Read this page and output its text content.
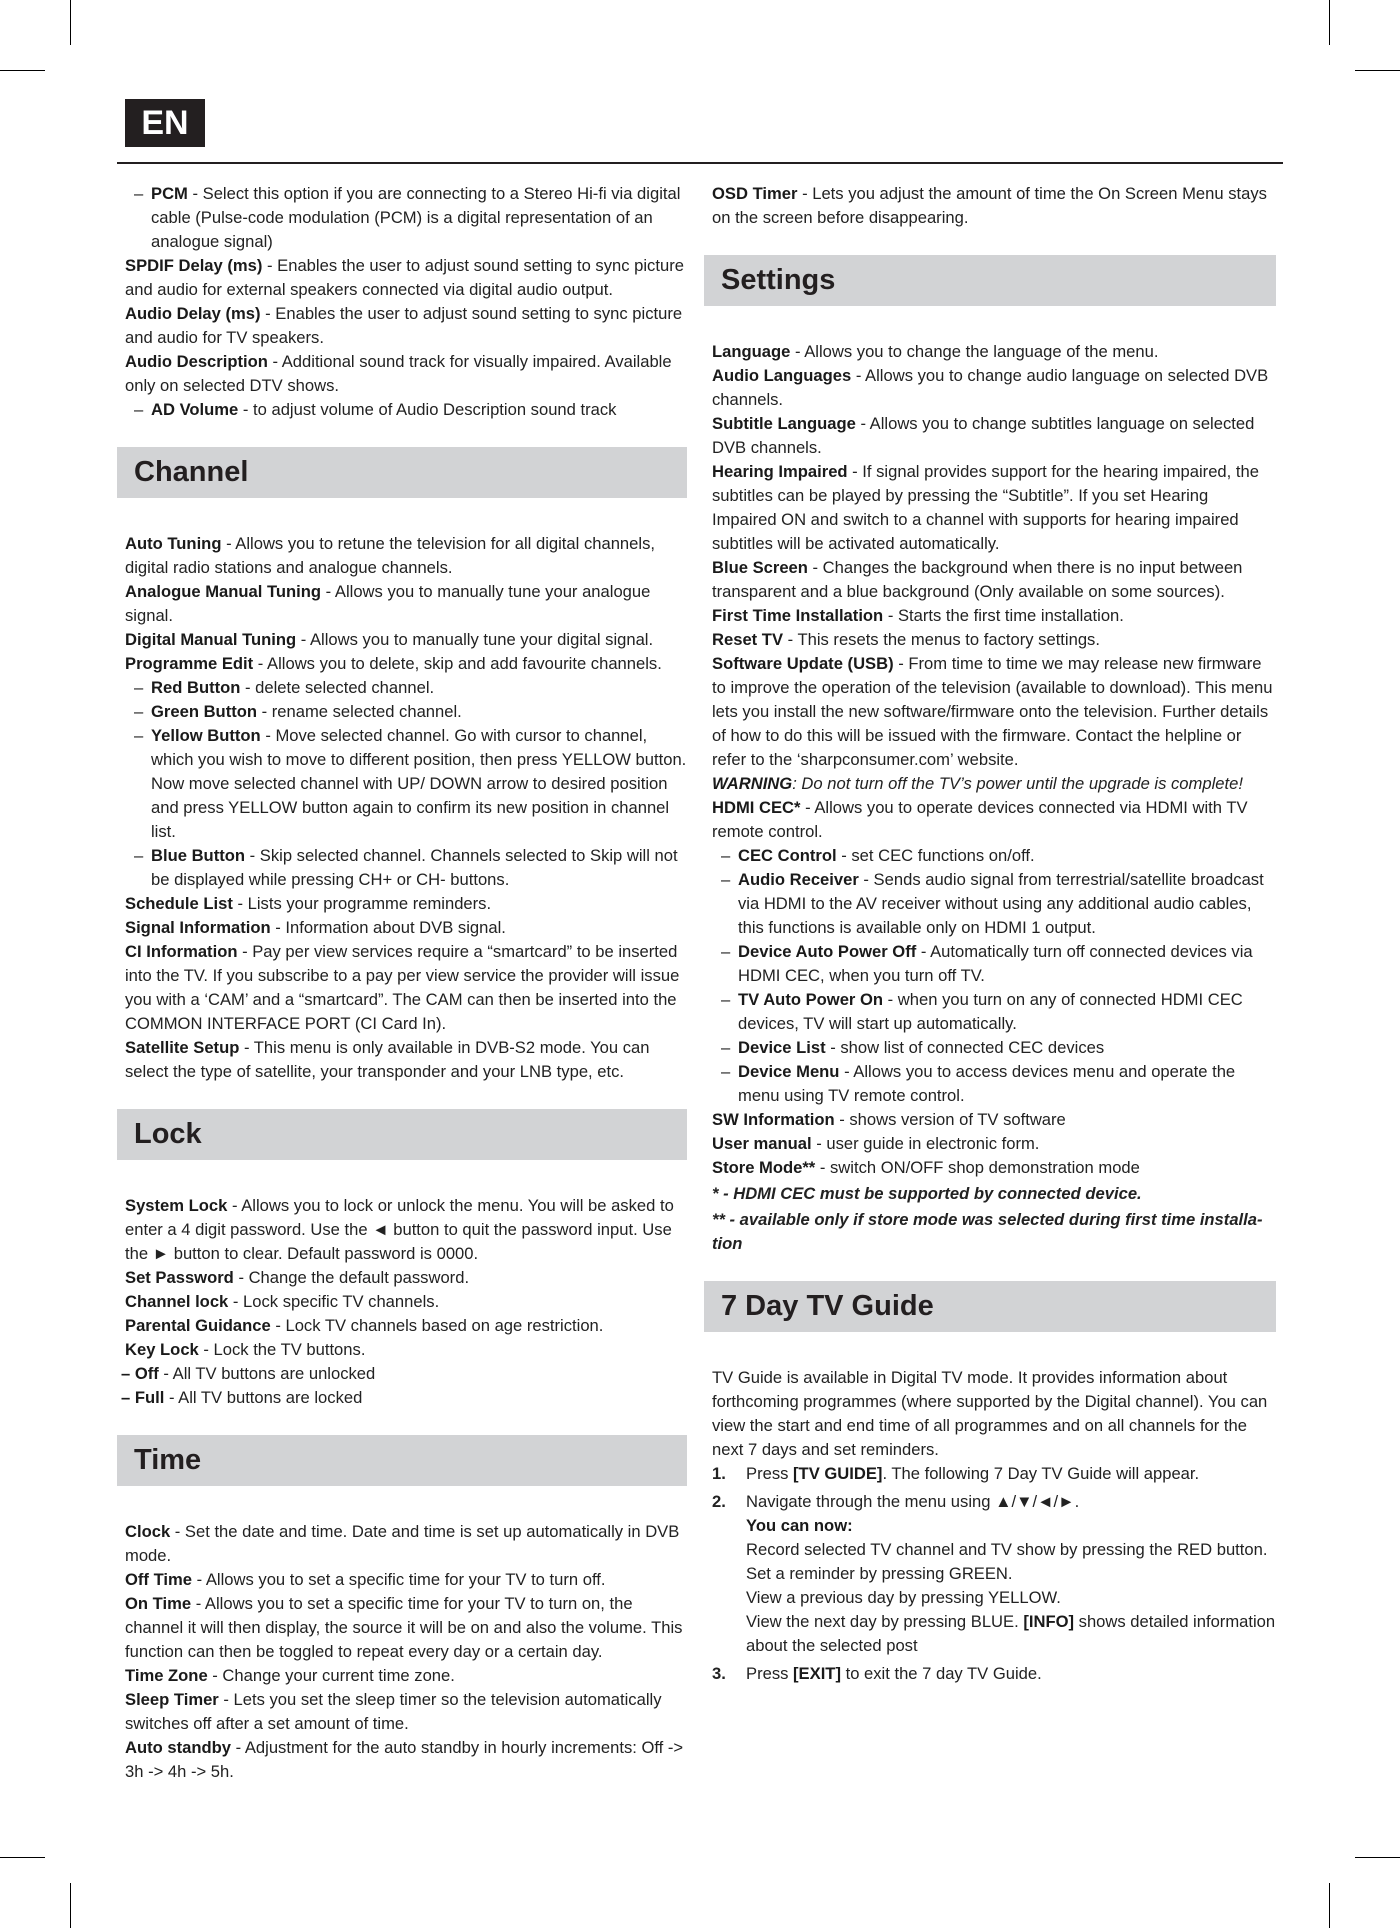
EN

– PCM - Select this option if you are connecting to a Stereo Hi-fi via digital cable (Pulse-code modulation (PCM) is a digital representation of an analogue signal)

SPDIF Delay (ms) - Enables the user to adjust sound setting to sync picture and audio for external speakers connected via digital audio output.

Audio Delay (ms) - Enables the user to adjust sound setting to sync picture and audio for TV speakers.

Audio Description - Additional sound track for visually impaired. Available only on selected DTV shows.

– AD Volume - to adjust volume of Audio Description sound track

Channel

Auto Tuning - Allows you to retune the television for all digital channels, digital radio stations and analogue channels.

Analogue Manual Tuning - Allows you to manually tune your analogue signal.

Digital Manual Tuning - Allows you to manually tune your digital signal.

Programme Edit - Allows you to delete, skip and add favourite channels.

– Red Button - delete selected channel.

– Green Button - rename selected channel.

– Yellow Button - Move selected channel. Go with cursor to channel, which you wish to move to different position, then press YELLOW button. Now move selected channel with UP/ DOWN arrow to desired position and press YELLOW button again to confirm its new position in channel list.

– Blue Button - Skip selected channel. Channels selected to Skip will not be displayed while pressing CH+ or CH- buttons.

Schedule List - Lists your programme reminders.

Signal Information - Information about DVB signal.

CI Information - Pay per view services require a “smartcard” to be inserted into the TV. If you subscribe to a pay per view service the provider will issue you with a ‘CAM’ and a “smartcard”. The CAM can then be inserted into the COMMON INTERFACE PORT (CI Card In).

Satellite Setup - This menu is only available in DVB-S2 mode. You can select the type of satellite, your transponder and your LNB type, etc.

Lock

System Lock - Allows you to lock or unlock the menu. You will be asked to enter a 4 digit password. Use the ◄ button to quit the password input. Use the ► button to clear. Default password is 0000.

Set Password - Change the default password.

Channel lock - Lock specific TV channels.

Parental Guidance - Lock TV channels based on age restriction.

Key Lock - Lock the TV buttons.

– Off - All TV buttons are unlocked

– Full - All TV buttons are locked

Time

Clock - Set the date and time. Date and time is set up automatically in DVB mode.

Off Time - Allows you to set a specific time for your TV to turn off.

On Time - Allows you to set a specific time for your TV to turn on, the channel it will then display, the source it will be on and also the volume. This function can then be toggled to repeat every day or a certain day.

Time Zone - Change your current time zone.

Sleep Timer - Lets you set the sleep timer so the television automatically switches off after a set amount of time.

Auto standby - Adjustment for the auto standby in hourly increments: Off -> 3h -> 4h -> 5h.

OSD Timer - Lets you adjust the amount of time the On Screen Menu stays on the screen before disappearing.

Settings

Language - Allows you to change the language of the menu.

Audio Languages - Allows you to change audio language on selected DVB channels.

Subtitle Language - Allows you to change subtitles language on selected DVB channels.

Hearing Impaired - If signal provides support for the hearing impaired, the subtitles can be played by pressing the “Subtitle”. If you set Hearing Impaired ON and switch to a channel with supports for hearing impaired subtitles will be activated automatically.

Blue Screen - Changes the background when there is no input between transparent and a blue background (Only available on some sources).

First Time Installation - Starts the first time installation.

Reset TV - This resets the menus to factory settings.

Software Update (USB) - From time to time we may release new firmware to improve the operation of the television (available to download). This menu lets you install the new software/firmware onto the television. Further details of how to do this will be issued with the firmware. Contact the helpline or refer to the ‘sharpconsumer.com’ website.

WARNING: Do not turn off the TV’s power until the upgrade is complete!

HDMI CEC* - Allows you to operate devices connected via HDMI with TV remote control.

– CEC Control - set CEC functions on/off.

– Audio Receiver - Sends audio signal from terrestrial/satellite broadcast via HDMI to the AV receiver without using any additional audio cables, this functions is available only on HDMI 1 output.

– Device Auto Power Off - Automatically turn off connected devices via HDMI CEC, when you turn off TV.

– TV Auto Power On - when you turn on any of connected HDMI CEC devices, TV will start up automatically.

– Device List - show list of connected CEC devices

– Device Menu - Allows you to access devices menu and operate the menu using TV remote control.

SW Information - shows version of TV software

User manual - user guide in electronic form.

Store Mode** - switch ON/OFF shop demonstration mode

* - HDMI CEC must be supported by connected device.

** - available only if store mode was selected during first time installa-tion

7 Day TV Guide

TV Guide is available in Digital TV mode. It provides information about forthcoming programmes (where supported by the Digital channel). You can view the start and end time of all programmes and on all channels for the next 7 days and set reminders.

1. Press [TV GUIDE]. The following 7 Day TV Guide will appear.
2. Navigate through the menu using ▲/▼/◄/►.
You can now:
Record selected TV channel and TV show by pressing the RED button.
Set a reminder by pressing GREEN.
View a previous day by pressing YELLOW.
View the next day by pressing BLUE. [INFO] shows detailed information about the selected post
3. Press [EXIT] to exit the 7 day TV Guide.
